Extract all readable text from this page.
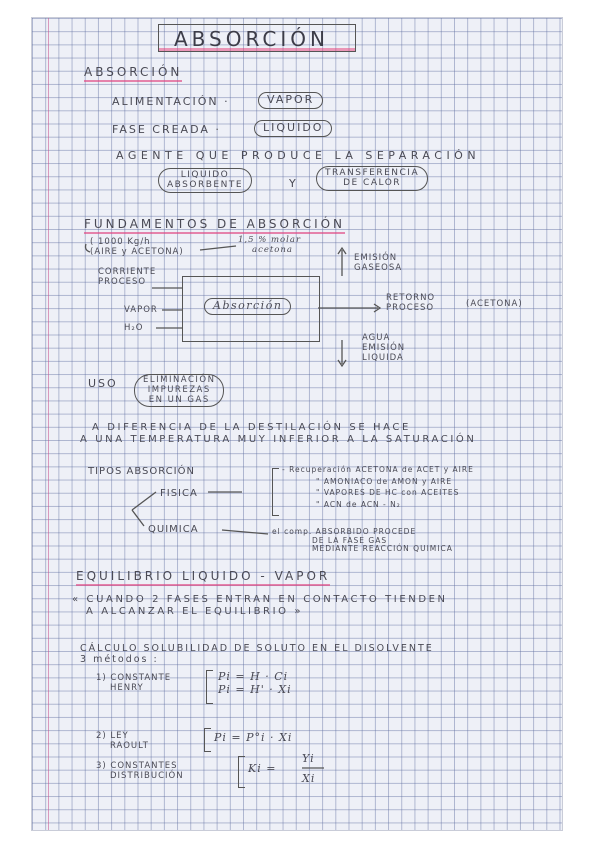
ABSORCIÓN
ABSORCIÓN
ALIMENTACIÓN ·	VAPOR
FASE CREADA ·	LIQUIDO
AGENTE QUE PRODUCE LA SEPARACIÓN
LIQUIDO
ABSORBENTE	Y
TRANSFERENCIA
DE CALOR
FUNDAMENTOS DE ABSORCIÓN
( 1000 Kg/h
(AIRE y ACETONA)
1,5 % molar
acetona
CORRIENTE
PROCESO
VAPOR
H₂O
Absorción
EMISIÓN
GASEOSA
RETORNO
PROCESO	(ACETONA)
AGUA
EMISIÓN
LIQUIDA
USO	ELIMINACIÓN
IMPUREZAS
EN UN GAS
A DIFERENCIA DE LA DESTILACIÓN SE HACE
A UNA TEMPERATURA MUY INFERIOR A LA SATURACIÓN
TIPOS ABSORCIÓN
FISICA
QUIMICA
- Recuperación ACETONA de ACET y AIRE
" AMONIACO de AMON y AIRE
" VAPORES DE HC con ACEITES
" ACN de ACN - N₂
el comp. ABSORBIDO PROCEDE
DE LA FASE GAS
MEDIANTE REACCIÓN QUIMICA
EQUILIBRIO LIQUIDO - VAPOR
« CUANDO 2 FASES ENTRAN EN CONTACTO TIENDEN
A ALCANZAR EL EQUILIBRIO »
CÁLCULO SOLUBILIDAD DE SOLUTO EN EL DISOLVENTE
3 métodos :
1) CONSTANTE
HENRY
Pi = H · Ci
Pi = H' · Xi
2) LEY
RAOULT
Pi = P°i · Xi
3) CONSTANTES
DISTRIBUCIÓN
Ki =
Yi
Xi
